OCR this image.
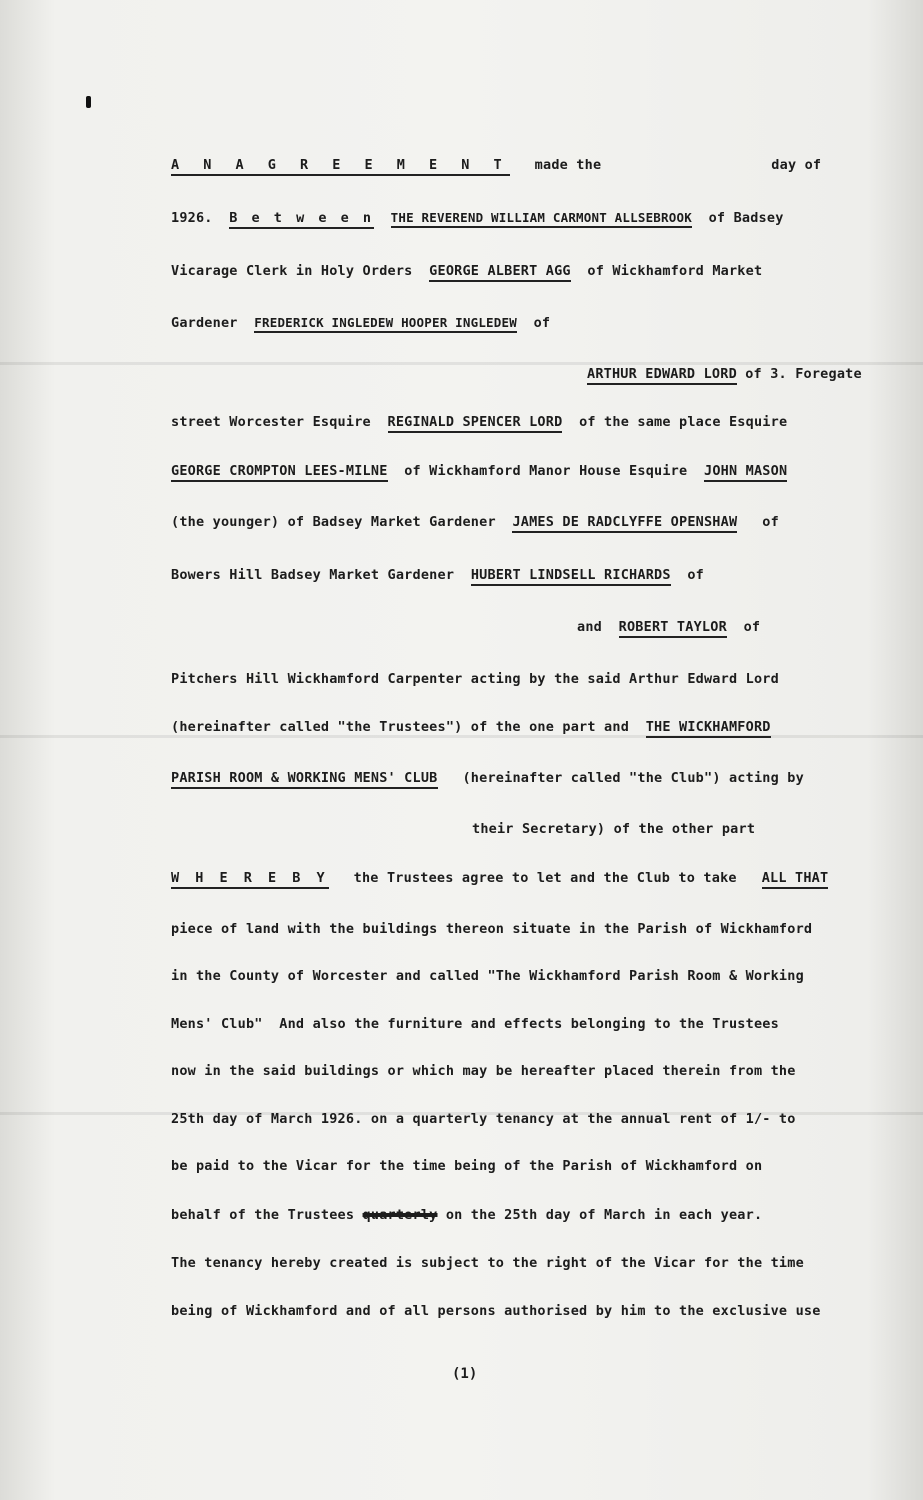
A N A G R E E M E N T made the	day of
1926. B e t w e e n THE REVEREND WILLIAM CARMONT ALLSEBROOK of Badsey
Vicarage Clerk in Holy Orders GEORGE ALBERT AGG of Wickhamford Market
Gardener FREDERICK INGLEDEW HOOPER INGLEDEW of
ARTHUR EDWARD LORD of 3. Foregate
street Worcester Esquire REGINALD SPENCER LORD of the same place Esquire
GEORGE CROMPTON LEES-MILNE of Wickhamford Manor House Esquire JOHN MASON
(the younger) of Badsey Market Gardener JAMES DE RADCLYFFE OPENSHAW of
Bowers Hill Badsey Market Gardener HUBERT LINDSELL RICHARDS of
and ROBERT TAYLOR of
Pitchers Hill Wickhamford Carpenter acting by the said Arthur Edward Lord
(hereinafter called "the Trustees") of the one part and THE WICKHAMFORD
PARISH ROOM & WORKING MENS' CLUB (hereinafter called "the Club") acting by
their Secretary) of the other part
W H E R E B Y the Trustees agree to let and the Club to take ALL THAT
piece of land with the buildings thereon situate in the Parish of Wickhamford
in the County of Worcester and called "The Wickhamford Parish Room & Working
Mens' Club"  And also the furniture and effects belonging to the Trustees
now in the said buildings or which may be hereafter placed therein from the
25th day of March 1926. on a quarterly tenancy at the annual rent of 1/- to
be paid to the Vicar for the time being of the Parish of Wickhamford on
behalf of the Trustees quarterly on the 25th day of March in each year.
The tenancy hereby created is subject to the right of the Vicar for the time
being of Wickhamford and of all persons authorised by him to the exclusive use
(1)
